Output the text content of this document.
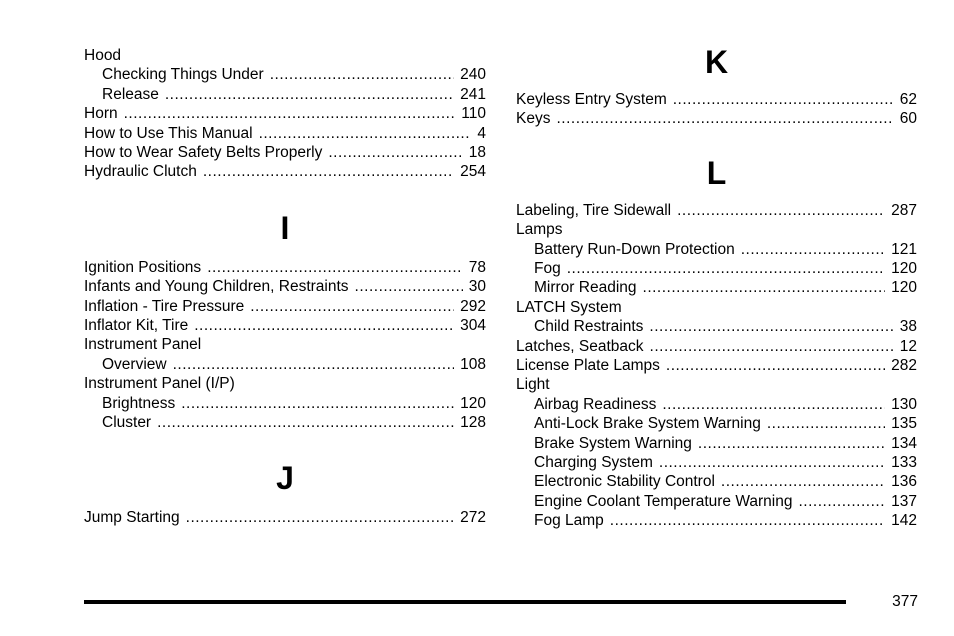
Hood
Checking Things Under .....	240
Release .....	241
Horn .....	110
How to Use This Manual .....	4
How to Wear Safety Belts Properly .....	18
Hydraulic Clutch .....	254
I
Ignition Positions .....	78
Infants and Young Children, Restraints .....	30
Inflation - Tire Pressure .....	292
Inflator Kit, Tire .....	304
Instrument Panel
Overview .....	108
Instrument Panel (I/P)
Brightness .....	120
Cluster .....	128
J
Jump Starting .....	272
K
Keyless Entry System .....	62
Keys .....	60
L
Labeling, Tire Sidewall .....	287
Lamps
Battery Run-Down Protection .....	121
Fog .....	120
Mirror Reading .....	120
LATCH System
Child Restraints .....	38
Latches, Seatback .....	12
License Plate Lamps .....	282
Light
Airbag Readiness .....	130
Anti-Lock Brake System Warning .....	135
Brake System Warning .....	134
Charging System .....	133
Electronic Stability Control .....	136
Engine Coolant Temperature Warning .....	137
Fog Lamp .....	142
377
